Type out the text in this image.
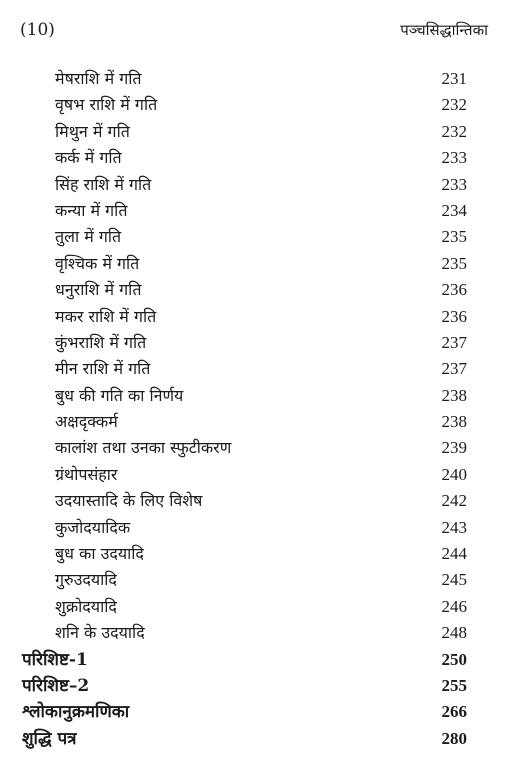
(10)	पञ्चसिद्धान्तिका
मेषराशि में गति	231
वृषभ राशि में गति	232
मिथुन में गति	232
कर्क में गति	233
सिंह राशि में गति	233
कन्या में गति	234
तुला में गति	235
वृश्चिक में गति	235
धनुराशि में गति	236
मकर राशि में गति	236
कुंभराशि में गति	237
मीन राशि में गति	237
बुध की गति का निर्णय	238
अक्षदृक्कर्म	238
कालांश तथा उनका स्फुटीकरण	239
ग्रंथोपसंहार	240
उदयास्तादि के लिए विशेष	242
कुजोदयादिक	243
बुध का उदयादि	244
गुरुउदयादि	245
शुक्रोदयादि	246
शनि के उदयादि	248
परिशिष्ट-1	250
परिशिष्ट–2	255
श्लोकानुक्रमणिका	266
शुद्धि पत्र	280
